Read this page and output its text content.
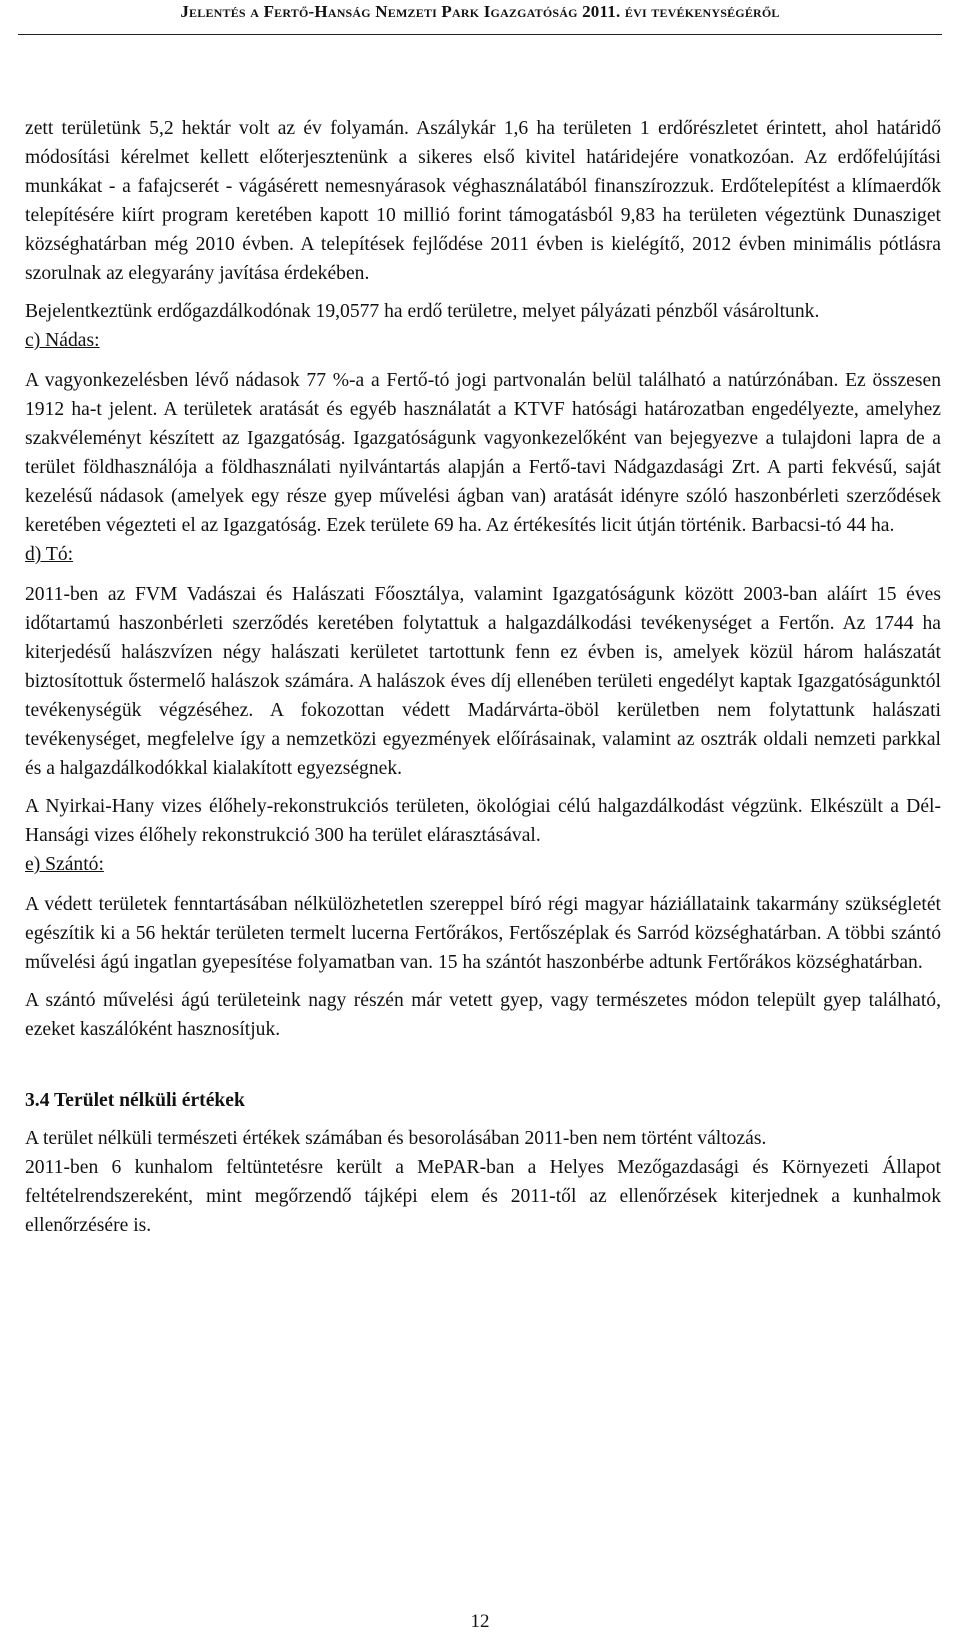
Jelentés a Fertő-Hanság Nemzeti Park Igazgatóság 2011. évi tevékenységéről

zett területünk 5,2 hektár volt az év folyamán. Aszálykár 1,6 ha területen 1 erdőrészletet érintett, ahol határidő módosítási kérelmet kellett előterjesztenünk a sikeres első kivitel határidejére vonatkozóan. Az erdőfelújítási munkákat - a fafajcserét - vágásérett nemesnyárasok véghasználatából finanszírozzuk. Erdőtelepítést a klímaerdők telepítésére kiírt program keretében kapott 10 millió forint támogatásból 9,83 ha területen végeztünk Dunasziget községhatárban még 2010 évben. A telepítések fejlődése 2011 évben is kielégítő, 2012 évben minimális pótlásra szorulnak az elegyarány javítása érdekében.

Bejelentkeztünk erdőgazdálkodónak 19,0577 ha erdő területre, melyet pályázati pénzből vásároltunk.

c) Nádas:

A vagyonkezelésben lévő nádasok 77 %-a a Fertő-tó jogi partvonalán belül található a natúrzónában. Ez összesen 1912 ha-t jelent. A területek aratását és egyéb használatát a KTVF hatósági határozatban engedélyezte, amelyhez szakvéleményt készített az Igazgatóság. Igazgatóságunk vagyonkezelőként van bejegyezve a tulajdoni lapra de a terület földhasználója a földhasználati nyilvántartás alapján a Fertő-tavi Nádgazdasági Zrt. A parti fekvésű, saját kezelésű nádasok (amelyek egy része gyep művelési ágban van) aratását idényre szóló haszonbérleti szerződések keretében végezteti el az Igazgatóság. Ezek területe 69 ha. Az értékesítés licit útján történik. Barbacsi-tó 44 ha.

d) Tó:

2011-ben az FVM Vadászai és Halászati Főosztálya, valamint Igazgatóságunk között 2003-ban aláírt 15 éves időtartamú haszonbérleti szerződés keretében folytattuk a halgazdálkodási tevékenységet a Fertőn. Az 1744 ha kiterjedésű halászvízen négy halászati kerületet tartottunk fenn ez évben is, amelyek közül három halászatát biztosítottuk őstermelő halászok számára. A halászok éves díj ellenében területi engedélyt kaptak Igazgatóságunktól tevékenységük végzéséhez. A fokozottan védett Madárvárta-öböl kerületben nem folytattunk halászati tevékenységet, megfelelve így a nemzetközi egyezmények előírásainak, valamint az osztrák oldali nemzeti parkkal és a halgazdálkodókkal kialakított egyezségnek.

A Nyirkai-Hany vizes élőhely-rekonstrukciós területen, ökológiai célú halgazdálkodást végzünk. Elkészült a Dél-Hansági vizes élőhely rekonstrukció 300 ha terület elárasztásával.

e) Szántó:

A védett területek fenntartásában nélkülözhetetlen szereppel bíró régi magyar háziállataink takarmány szükségletét egészítik ki a 56 hektár területen termelt lucerna Fertőrákos, Fertőszéplak és Sarród községhatárban. A többi szántó művelési ágú ingatlan gyepesítése folyamatban van. 15 ha szántót haszonbérbe adtunk Fertőrákos községhatárban.

A szántó művelési ágú területeink nagy részén már vetett gyep, vagy természetes módon települt gyep található, ezeket kaszálóként hasznosítjuk.

3.4 Terület nélküli értékek

A terület nélküli természeti értékek számában és besorolásában 2011-ben nem történt változás.

2011-ben 6 kunhalom feltüntetésre került a MePAR-ban a Helyes Mezőgazdasági és Környezeti Állapot feltételrendszereként, mint megőrzendő tájképi elem és 2011-től az ellenőrzések kiterjednek a kunhalmok ellenőrzésére is.

12
